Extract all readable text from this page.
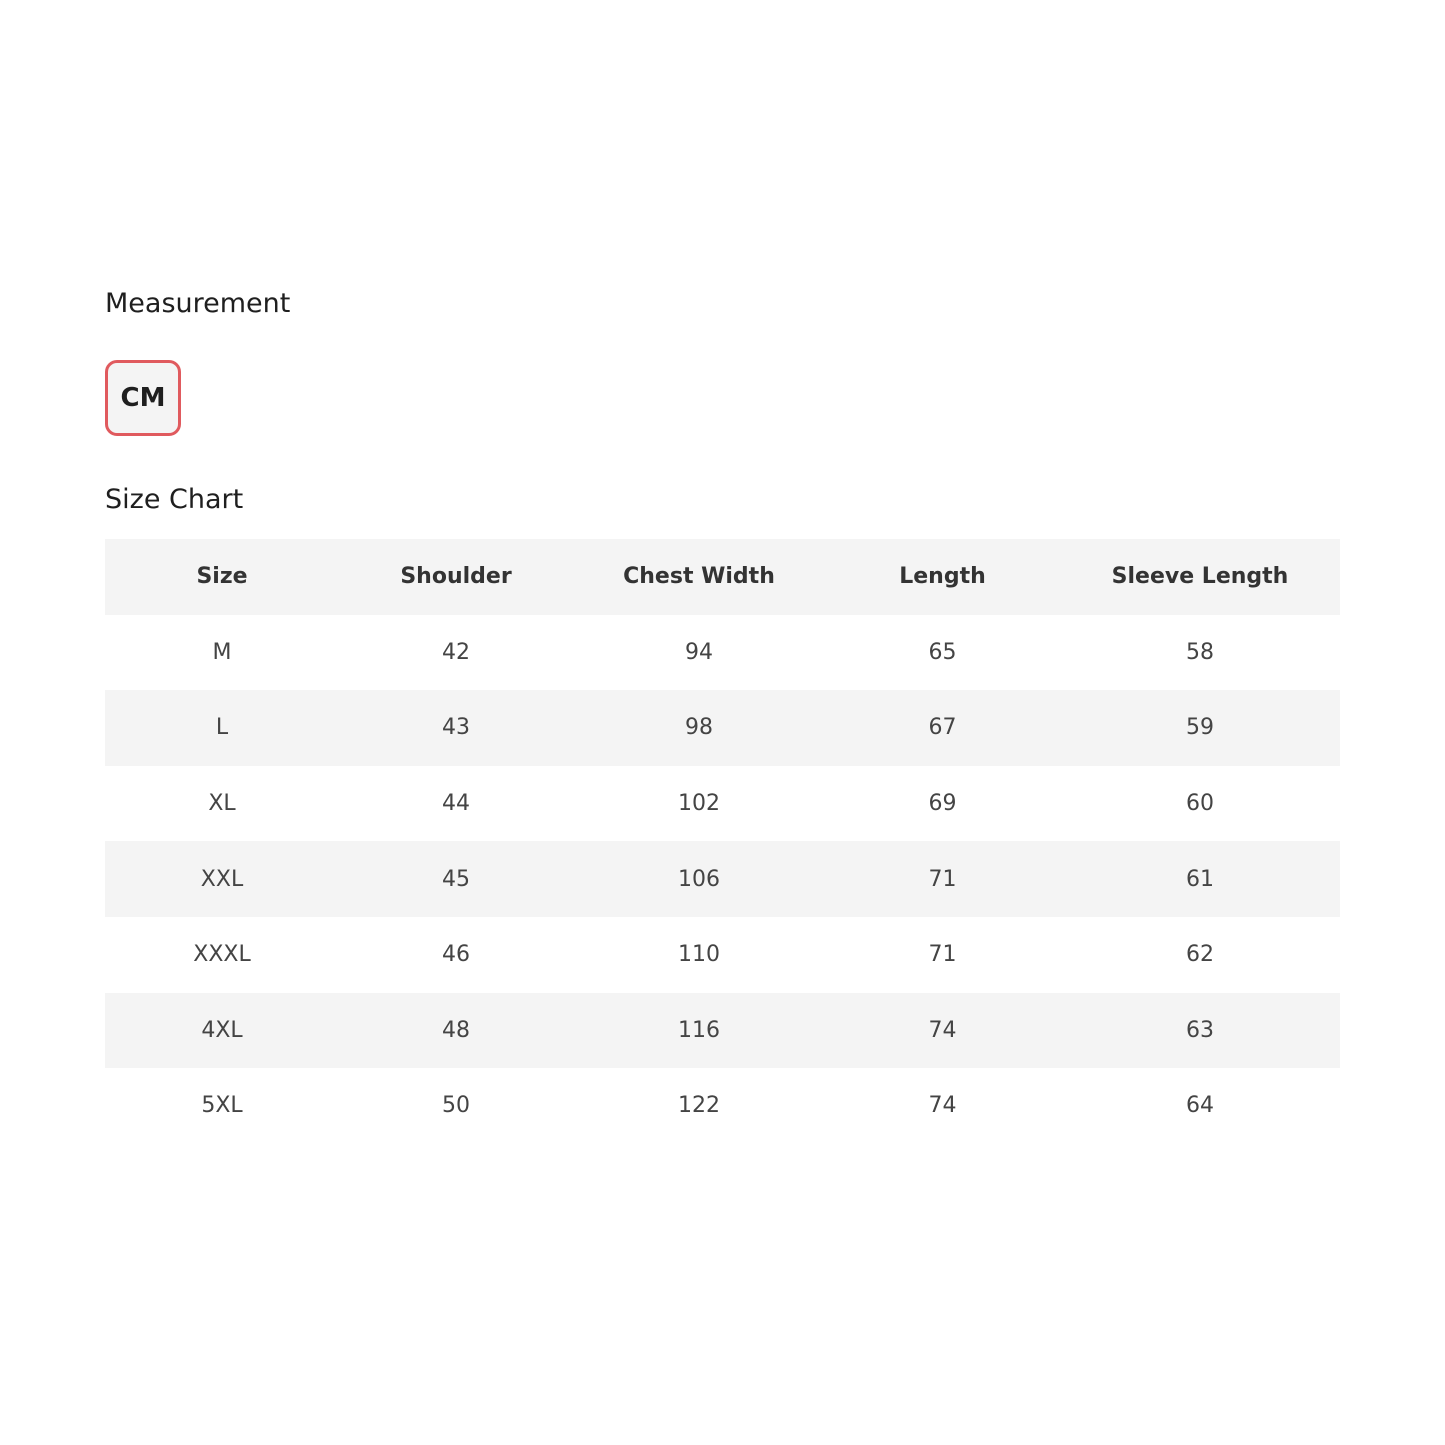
Measurement
CM
Size Chart
Size	Shoulder	Chest Width	Length	Sleeve Length
M	42	94	65	58
L	43	98	67	59
XL	44	102	69	60
XXL	45	106	71	61
XXXL	46	110	71	62
4XL	48	116	74	63
5XL	50	122	74	64
